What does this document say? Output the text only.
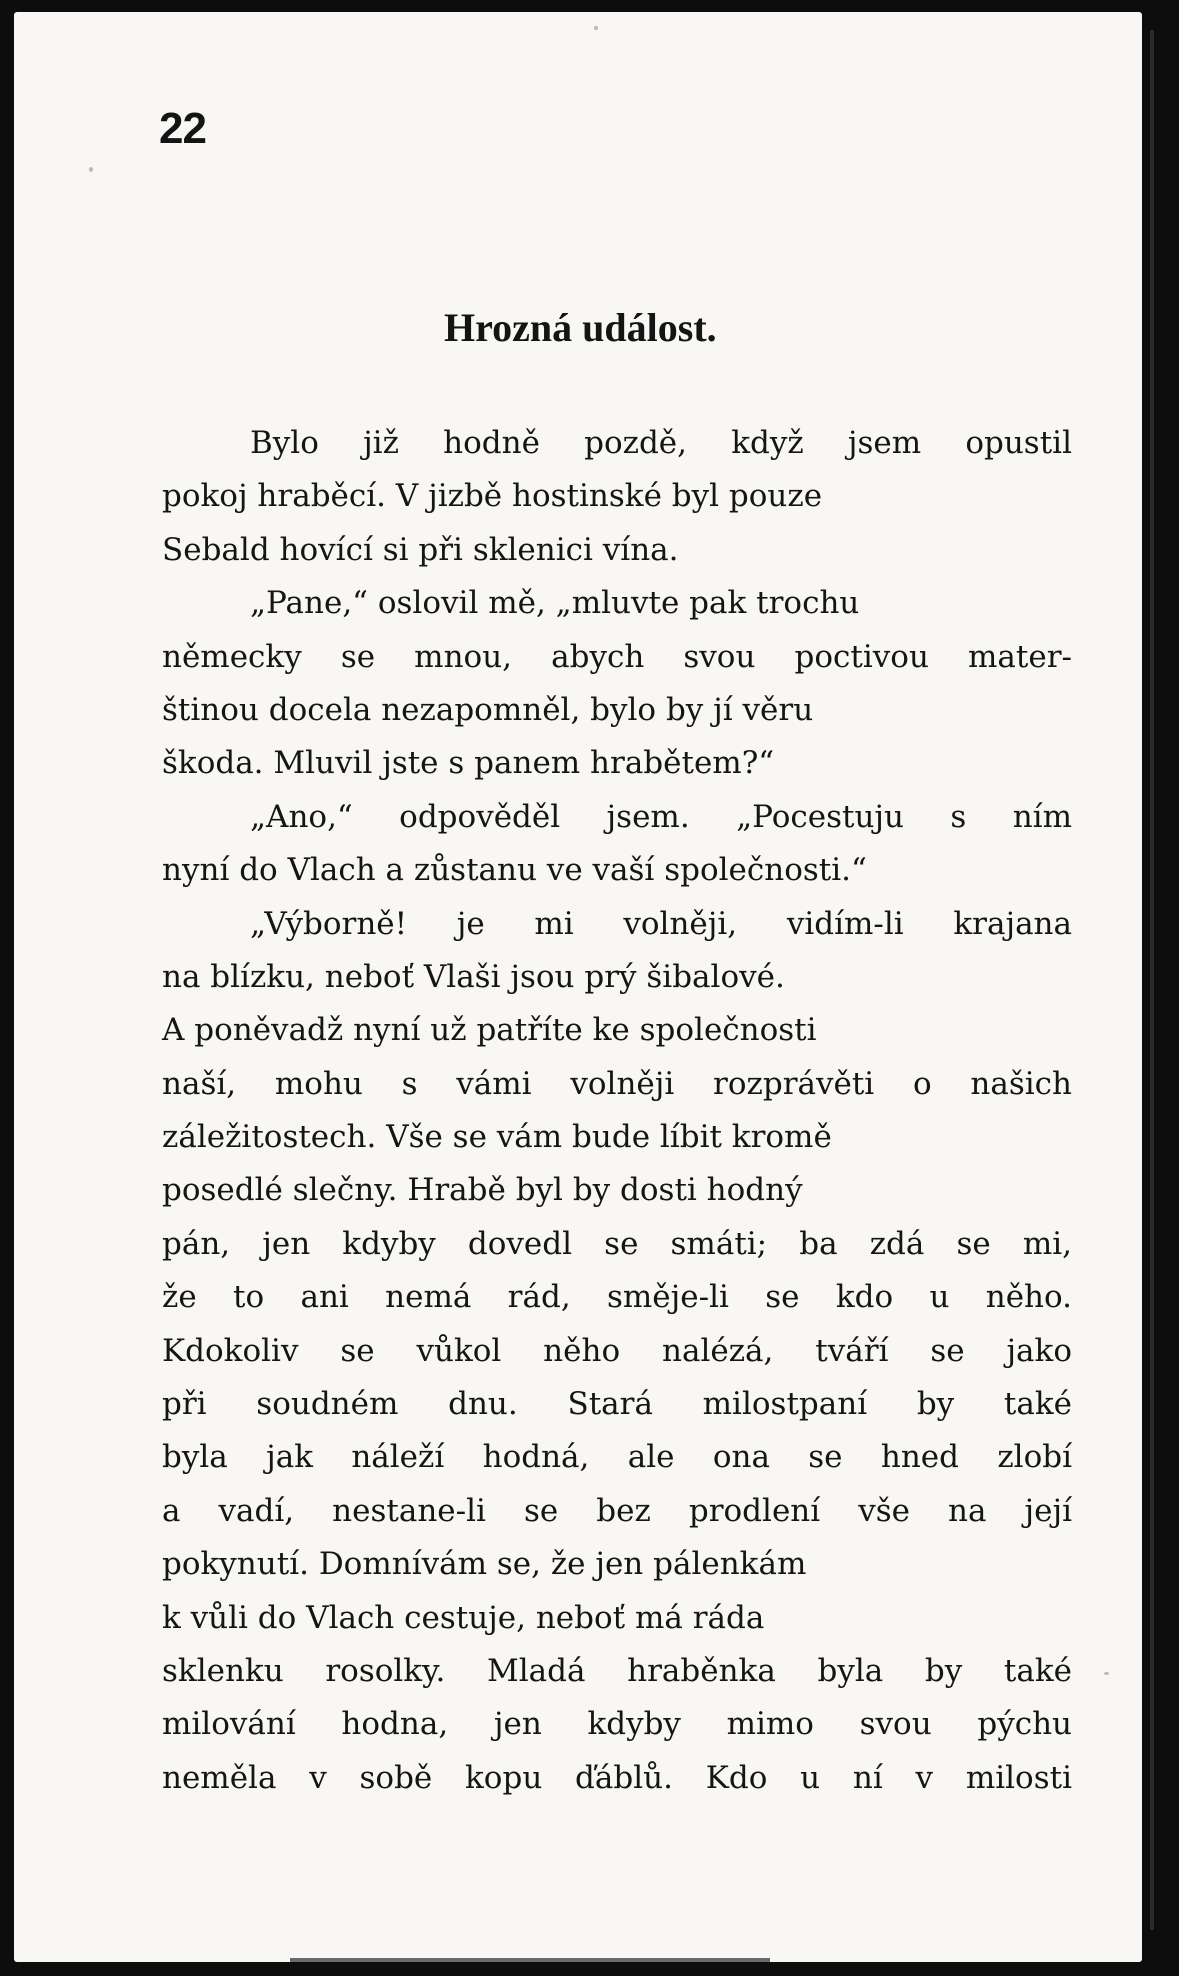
22
Hrozná událost.
Bylo již hodně pozdě, když jsem opustil
pokoj hraběcí. V jizbě hostinské byl pouze
Sebald hovící si při sklenici vína.
„Pane,“ oslovil mě, „mluvte pak trochu
německy se mnou, abych svou poctivou mater-
štinou docela nezapomněl, bylo by jí věru
škoda. Mluvil jste s panem hrabětem?“
„Ano,“ odpověděl jsem. „Pocestuju s ním
nyní do Vlach a zůstanu ve vaší společnosti.“
„Výborně! je mi volněji, vidím-li krajana
na blízku, neboť Vlaši jsou prý šibalové.
A poněvadž nyní už patříte ke společnosti
naší, mohu s vámi volněji rozprávěti o našich
záležitostech. Vše se vám bude líbit kromě
posedlé slečny. Hrabě byl by dosti hodný
pán, jen kdyby dovedl se smáti; ba zdá se mi,
že to ani nemá rád, směje-li se kdo u něho.
Kdokoliv se vůkol něho nalézá, tváří se jako
při soudném dnu. Stará milostpaní by také
byla jak náleží hodná, ale ona se hned zlobí
a vadí, nestane-li se bez prodlení vše na její
pokynutí. Domnívám se, že jen pálenkám
k vůli do Vlach cestuje, neboť má ráda
sklenku rosolky. Mladá hraběnka byla by také
milování hodna, jen kdyby mimo svou pýchu
neměla v sobě kopu ďáblů. Kdo u ní v milosti
